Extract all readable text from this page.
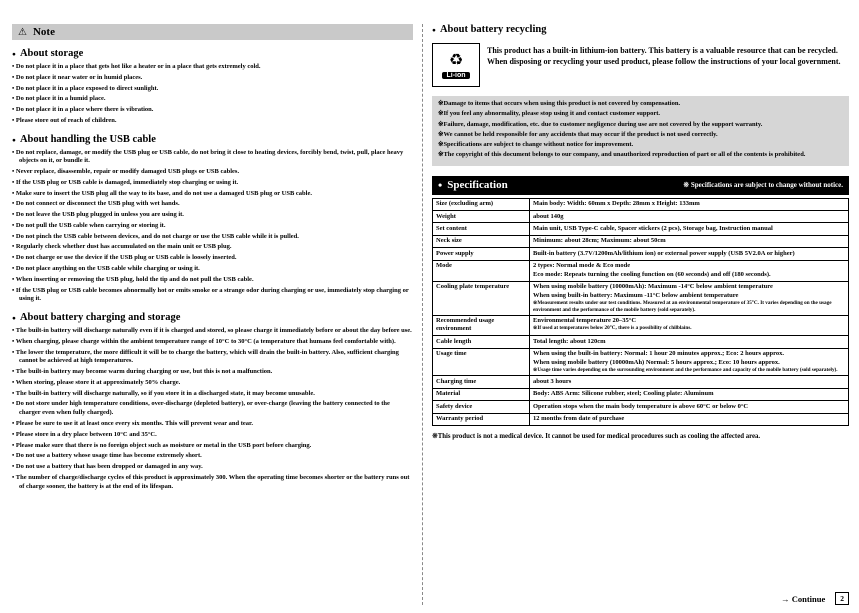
⚠
Note
●
About storage
• Do not place it in a place that gets hot like a heater or in a place that gets extremely cold.
• Do not place it near water or in humid places.
• Do not place it in a place exposed to direct sunlight.
• Do not place it in a humid place.
• Do not place it in a place where there is vibration.
• Please store out of reach of children.
●
About handling the USB cable
• Do not replace, damage, or modify the USB plug or USB cable, do not bring it close to heating devices, forcibly bend, twist, pull, place heavy objects on it, or bundle it.
• Never replace, disassemble, repair or modify damaged USB plugs or USB cables.
• If the USB plug or USB cable is damaged, immediately stop charging or using it.
• Make sure to insert the USB plug all the way to its base, and do not use a damaged USB plug or USB cable.
• Do not connect or disconnect the USB plug with wet hands.
• Do not leave the USB plug plugged in unless you are using it.
• Do not pull the USB cable when carrying or storing it.
• Do not pinch the USB cable between devices, and do not charge or use the USB cable while it is pulled.
• Regularly check whether dust has accumulated on the main unit or USB plug.
• Do not charge or use the device if the USB plug or USB cable is loosely inserted.
• Do not place anything on the USB cable while charging or using it.
• When inserting or removing the USB plug, hold the tip and do not pull the USB cable.
• If the USB plug or USB cable becomes abnormally hot or emits smoke or a strange odor during charging or use, immediately stop charging or using it.
●
About battery charging and storage
• The built-in battery will discharge naturally even if it is charged and stored, so please charge it immediately before or about the day before use.
• When charging, please charge within the ambient temperature range of 10°C to 30°C (a temperature that humans feel comfortable with).
• The lower the temperature, the more difficult it will be to charge the battery, which will drain the built-in battery. Also, sufficient charging cannot be achieved at high temperatures.
• The built-in battery may become warm during charging or use, but this is not a malfunction.
• When storing, please store it at approximately 50% charge.
• The built-in battery will discharge naturally, so if you store it in a discharged state, it may become unusable.
• Do not store under high temperature conditions, over-discharge (depleted battery), or over-charge (leaving the battery connected to the charger even when fully charged).
• Please be sure to use it at least once every six months. This will prevent wear and tear.
• Please store in a dry place between 10°C and 35°C.
• Please make sure that there is no foreign object such as moisture or metal in the USB port before charging.
• Do not use a battery whose usage time has become extremely short.
• Do not use a battery that has been dropped or damaged in any way.
• The number of charge/discharge cycles of this product is approximately 300. When the operating time becomes shorter or the battery runs out of charge sooner, the battery is at the end of its lifespan.
●
About battery recycling
♻
Li-ion
This product has a built-in lithium-ion battery. This battery is a valuable resource that can be recycled. When disposing or recycling your used product, please follow the instructions of your local government.
※Damage to items that occurs when using this product is not covered by compensation.
※If you feel any abnormality, please stop using it and contact customer support.
※Failure, damage, modification, etc. due to customer negligence during use are not covered by the support warranty.
※We cannot be held responsible for any accidents that may occur if the product is not used correctly.
※Specifications are subject to change without notice for improvement.
※The copyright of this document belongs to our company, and unauthorized reproduction of part or all of the contents is prohibited.
•
Specification	※ Specifications are subject to change without notice.
Size (excluding arm)	Main body: Width: 60mm x Depth: 28mm x Height: 133mm

Weight	about 140g

Set content	Main unit, USB Type-C cable, Spacer stickers (2 pcs), Storage bag, Instruction manual

Neck size	Minimum: about 28cm; Maximum: about 50cm

Power supply	Built-in battery (3.7V/1200mAh/lithium ion) or external power supply (USB 5V2.0A or higher)

Mode	2 types: Normal mode & Eco mode
Eco mode: Repeats turning the cooling function on (60 seconds) and off (180 seconds).

Cooling plate temperature	When using mobile battery (10000mAh): Maximum -14°C below ambient temperature
When using built-in battery: Maximum -11°C below ambient temperature
※Measurement results under our test conditions. Measured at an environmental temperature of 35°C. It varies depending on the usage environment and the performance of the mobile battery (sold separately).

Recommended usage environment	Environmental temperature 20–35°C
※If used at temperatures below 20°C, there is a possibility of chilblains.

Cable length	Total length: about 120cm

Usage time	When using the built-in battery: Normal: 1 hour 20 minutes approx.; Eco: 2 hours approx.
When using mobile battery (10000mAh) Normal: 5 hours approx.; Eco: 10 hours approx.
※Usage time varies depending on the surrounding environment and the performance and capacity of the mobile battery (sold separately).

Charging time	about 3 hours

Material	Body: ABS Arm: Silicone rubber, steel; Cooling plate: Aluminum

Safety device	Operation stops when the main body temperature is above 60°C or below 0°C

Warranty period	12 months from date of purchase
※This product is not a medical device. It cannot be used for medical procedures such as cooling the affected area.
→ Continue	2
